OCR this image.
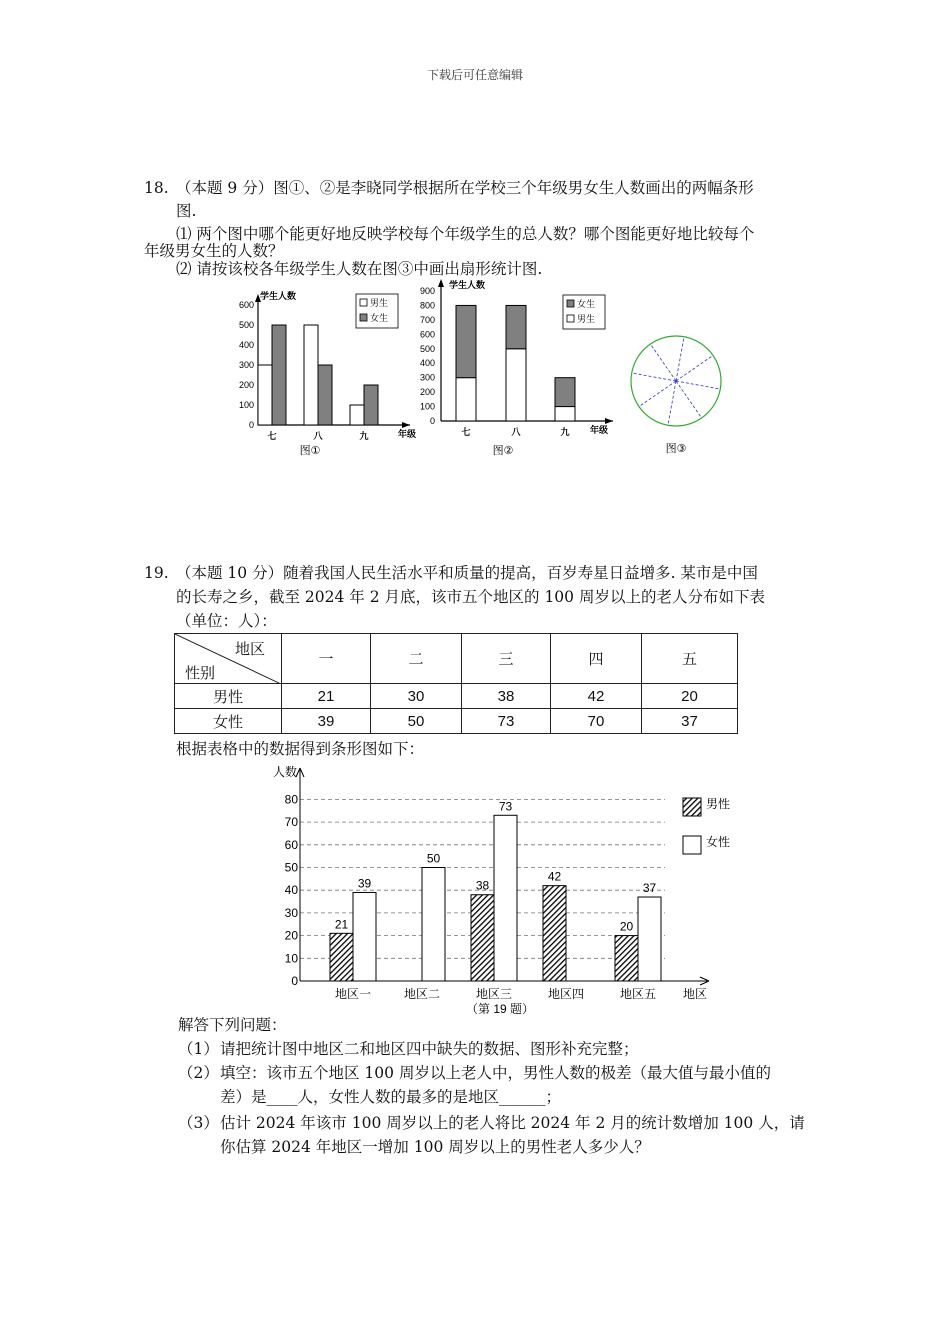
下载后可任意编辑
18. （本题 9 分）图①、②是李晓同学根据所在学校三个年级男女生人数画出的两幅条形
图.
⑴ 两个图中哪个能更好地反映学校每个年级学生的总人数？哪个图能更好地比较每个
年级男女生的人数？
⑵ 请按该校各年级学生人数在图③中画出扇形统计图.
学生人数
年级
0
100
200
300
400
500
600
七	八	九
男生
女生
图①
学生人数
年级
0
100
200
300
400
500
600
700
800
900
七	八	九
女生
男生
图②	图③
19. （本题 10 分）随着我国人民生活水平和质量的提高，百岁寿星日益增多. 某市是中国
的长寿之乡，截至 2024 年 2 月底，该市五个地区的 100 周岁以上的老人分布如下表
（单位：人）：
地区
性别	一	二	三	四	五
男性	21	30	38	42	20
女性	39	50	73	70	37
根据表格中的数据得到条形图如下：
0
10
20
30
40
50
60
70
80
人数
地区
21
39
地区一
50
地区二
38
73
地区三
42
地区四
20
37
地区五
男性
女性
（第 19 题）
解答下列问题：
（1） 请把统计图中地区二和地区四中缺失的数据、图形补充完整；
（2） 填空：该市五个地区 100 周岁以上老人中，男性人数的极差（最大值与最小值的
差）是____人，女性人数的最多的是地区______；
（3） 估计 2024 年该市 100 周岁以上的老人将比 2024 年 2 月的统计数增加 100 人，请
你估算 2024 年地区一增加 100 周岁以上的男性老人多少人？
